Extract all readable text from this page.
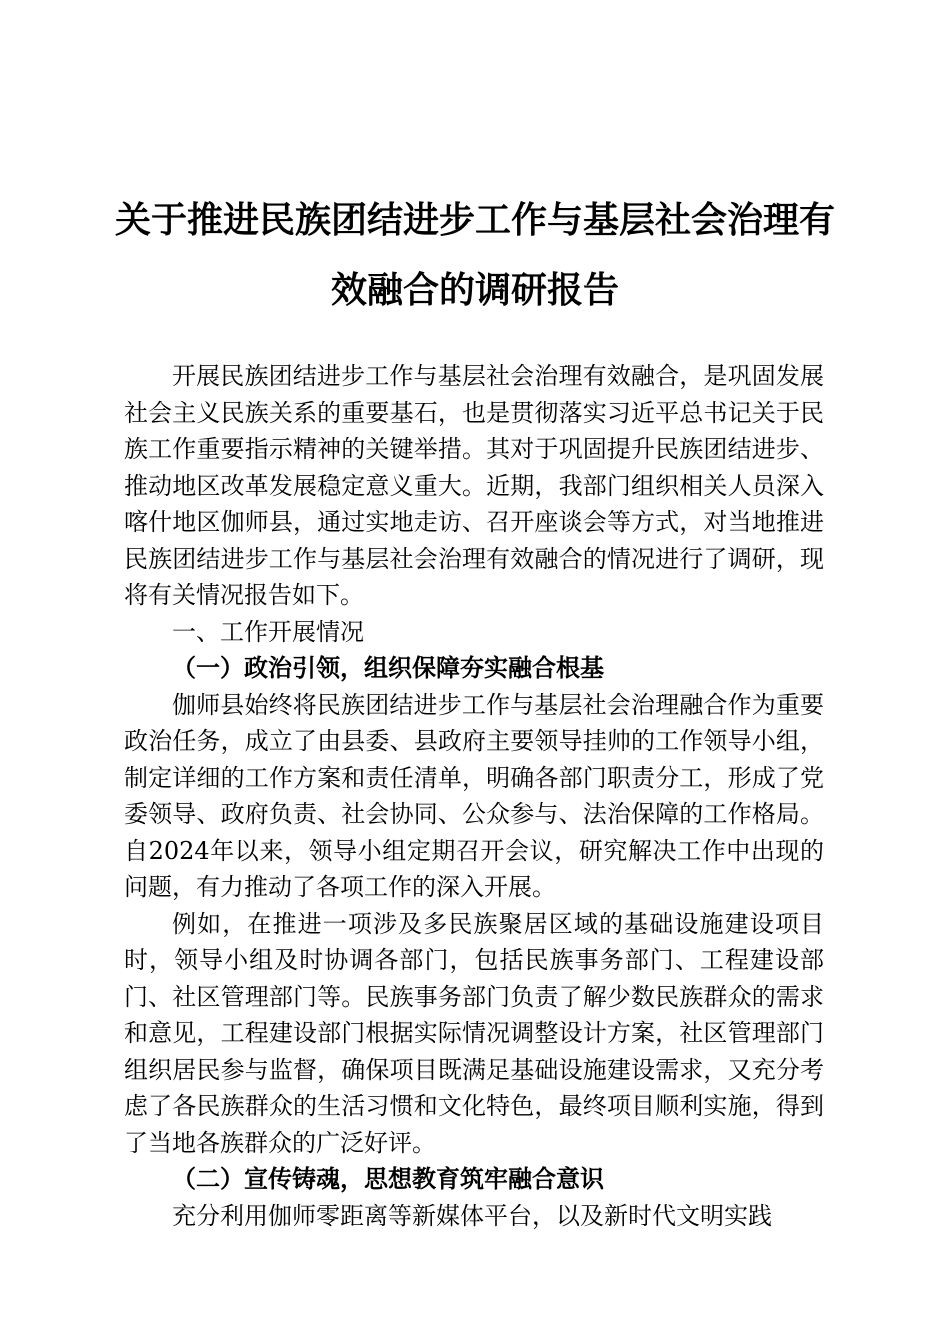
关于推进民族团结进步工作与基层社会治理有
效融合的调研报告

开展民族团结进步工作与基层社会治理有效融合，是巩固发展社会主义民族关系的重要基石，也是贯彻落实习近平总书记关于民族工作重要指示精神的关键举措。其对于巩固提升民族团结进步、推动地区改革发展稳定意义重大。近期，我部门组织相关人员深入喀什地区伽师县，通过实地走访、召开座谈会等方式，对当地推进民族团结进步工作与基层社会治理有效融合的情况进行了调研，现将有关情况报告如下。

一、工作开展情况

（一）政治引领，组织保障夯实融合根基

伽师县始终将民族团结进步工作与基层社会治理融合作为重要政治任务，成立了由县委、县政府主要领导挂帅的工作领导小组，制定详细的工作方案和责任清单，明确各部门职责分工，形成了党委领导、政府负责、社会协同、公众参与、法治保障的工作格局。自2024年以来，领导小组定期召开会议，研究解决工作中出现的问题，有力推动了各项工作的深入开展。

例如，在推进一项涉及多民族聚居区域的基础设施建设项目时，领导小组及时协调各部门，包括民族事务部门、工程建设部门、社区管理部门等。民族事务部门负责了解少数民族群众的需求和意见，工程建设部门根据实际情况调整设计方案，社区管理部门组织居民参与监督，确保项目既满足基础设施建设需求，又充分考虑了各民族群众的生活习惯和文化特色，最终项目顺利实施，得到了当地各族群众的广泛好评。

（二）宣传铸魂，思想教育筑牢融合意识

充分利用伽师零距离等新媒体平台，以及新时代文明实践
